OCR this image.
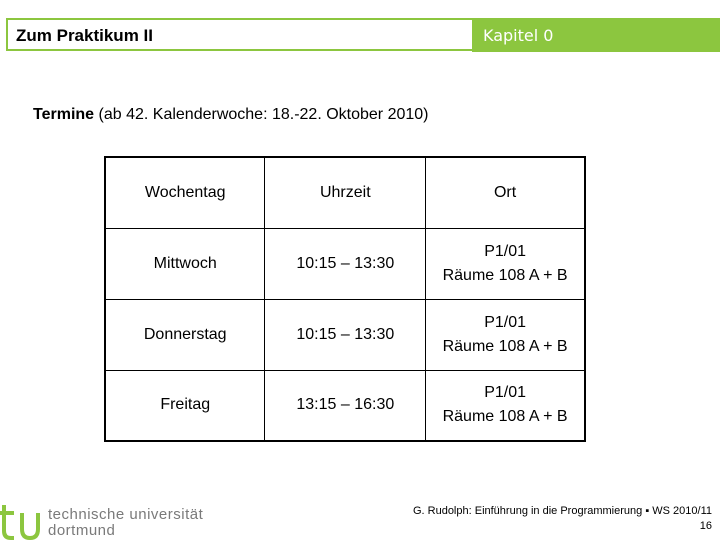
Zum Praktikum II	Kapitel 0
Termine (ab 42. Kalenderwoche: 18.-22. Oktober 2010)
Wochentag	Uhrzeit	Ort
Mittwoch	10:15 – 13:30	P1/01
Räume 108 A + B

Donnerstag	10:15 – 13:30	P1/01
Räume 108 A + B

Freitag	13:15 – 16:30	P1/01
Räume 108 A + B
technische universität
dortmund
G. Rudolph: Einführung in die Programmierung ▪ WS 2010/11
16
